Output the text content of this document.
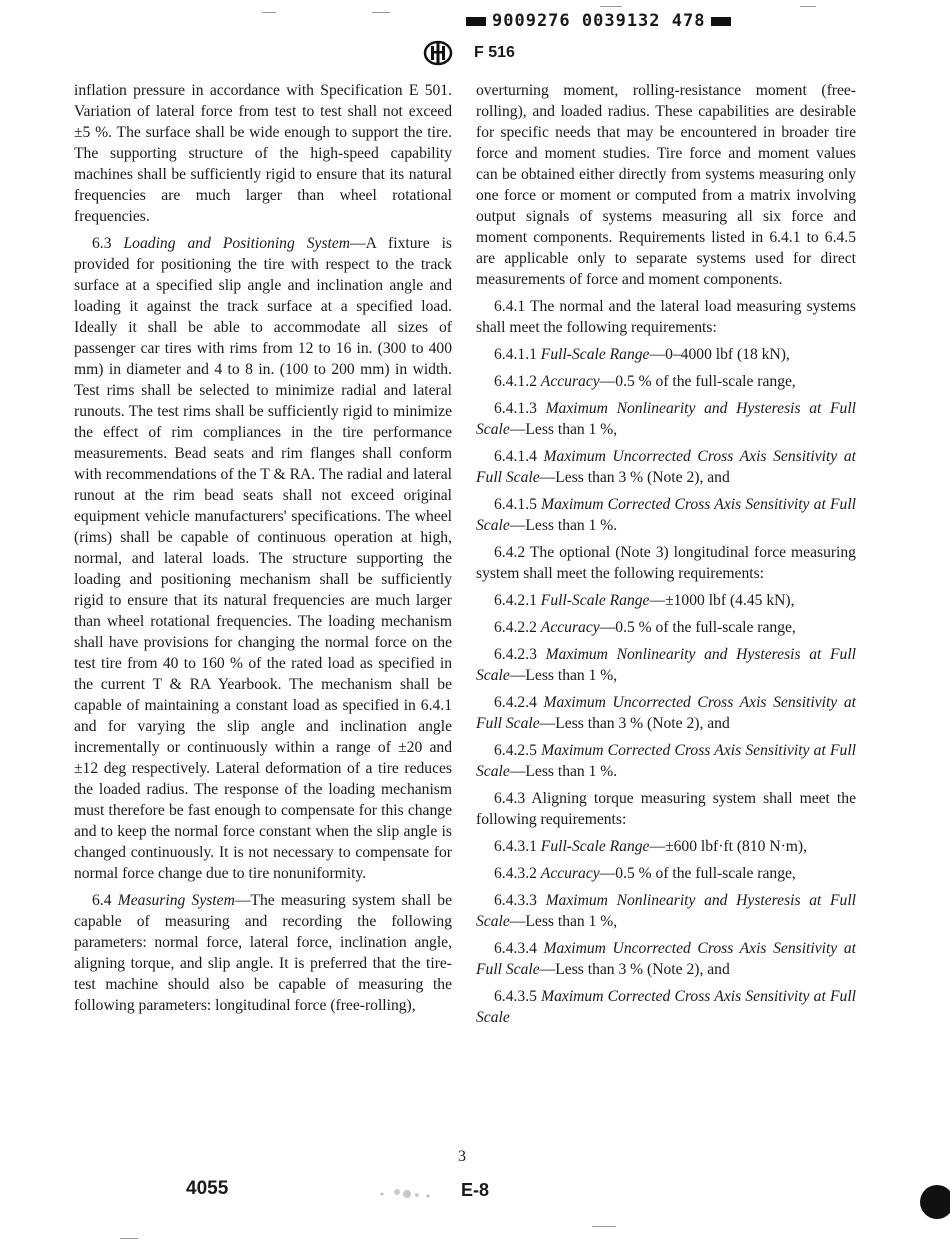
9009276 0039132 478
F 516

inflation pressure in accordance with Specification E 501. Variation of lateral force from test to test shall not exceed ±5 %. The surface shall be wide enough to support the tire. The supporting structure of the high-speed capability machines shall be sufficiently rigid to ensure that its natural frequencies are much larger than wheel rotational frequencies.

6.3 Loading and Positioning System—A fixture is provided for positioning the tire with respect to the track surface at a specified slip angle and inclination angle and loading it against the track surface at a specified load. Ideally it shall be able to accommodate all sizes of passenger car tires with rims from 12 to 16 in. (300 to 400 mm) in diameter and 4 to 8 in. (100 to 200 mm) in width. Test rims shall be selected to minimize radial and lateral runouts. The test rims shall be sufficiently rigid to minimize the effect of rim compliances in the tire performance measurements. Bead seats and rim flanges shall conform with recommendations of the T & RA. The radial and lateral runout at the rim bead seats shall not exceed original equipment vehicle manufacturers' specifications. The wheel (rims) shall be capable of continuous operation at high, normal, and lateral loads. The structure supporting the loading and positioning mechanism shall be sufficiently rigid to ensure that its natural frequencies are much larger than wheel rotational frequencies. The loading mechanism shall have provisions for changing the normal force on the test tire from 40 to 160 % of the rated load as specified in the current T & RA Yearbook. The mechanism shall be capable of maintaining a constant load as specified in 6.4.1 and for varying the slip angle and inclination angle incrementally or continuously within a range of ±20 and ±12 deg respectively. Lateral deformation of a tire reduces the loaded radius. The response of the loading mechanism must therefore be fast enough to compensate for this change and to keep the normal force constant when the slip angle is changed continuously. It is not necessary to compensate for normal force change due to tire nonuniformity.

6.4 Measuring System—The measuring system shall be capable of measuring and recording the following parameters: normal force, lateral force, inclination angle, aligning torque, and slip angle. It is preferred that the tire-test machine should also be capable of measuring the following parameters: longitudinal force (free-rolling),

overturning moment, rolling-resistance moment (free-rolling), and loaded radius. These capabilities are desirable for specific needs that may be encountered in broader tire force and moment studies. Tire force and moment values can be obtained either directly from systems measuring only one force or moment or computed from a matrix involving output signals of systems measuring all six force and moment components. Requirements listed in 6.4.1 to 6.4.5 are applicable only to separate systems used for direct measurements of force and moment components.

6.4.1 The normal and the lateral load measuring systems shall meet the following requirements:

6.4.1.1 Full-Scale Range—0–4000 lbf (18 kN),

6.4.1.2 Accuracy—0.5 % of the full-scale range,

6.4.1.3 Maximum Nonlinearity and Hysteresis at Full Scale—Less than 1 %,

6.4.1.4 Maximum Uncorrected Cross Axis Sensitivity at Full Scale—Less than 3 % (Note 2), and

6.4.1.5 Maximum Corrected Cross Axis Sensitivity at Full Scale—Less than 1 %.

6.4.2 The optional (Note 3) longitudinal force measuring system shall meet the following requirements:

6.4.2.1 Full-Scale Range—±1000 lbf (4.45 kN),

6.4.2.2 Accuracy—0.5 % of the full-scale range,

6.4.2.3 Maximum Nonlinearity and Hysteresis at Full Scale—Less than 1 %,

6.4.2.4 Maximum Uncorrected Cross Axis Sensitivity at Full Scale—Less than 3 % (Note 2), and

6.4.2.5 Maximum Corrected Cross Axis Sensitivity at Full Scale—Less than 1 %.

6.4.3 Aligning torque measuring system shall meet the following requirements:

6.4.3.1 Full-Scale Range—±600 lbf·ft (810 N·m),

6.4.3.2 Accuracy—0.5 % of the full-scale range,

6.4.3.3 Maximum Nonlinearity and Hysteresis at Full Scale—Less than 1 %,

6.4.3.4 Maximum Uncorrected Cross Axis Sensitivity at Full Scale—Less than 3 % (Note 2), and

6.4.3.5 Maximum Corrected Cross Axis Sensitivity at Full Scale

3
4055	E-8
